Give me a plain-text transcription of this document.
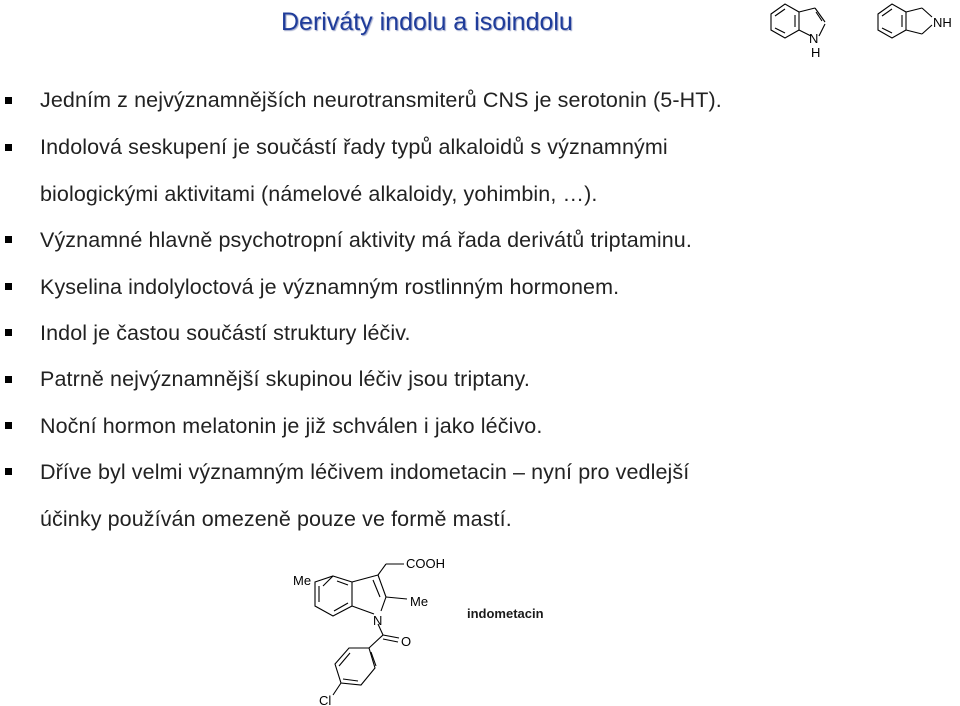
Deriváty indolu a isoindolu
N
H
NH
Jedním z nejvýznamnějších neurotransmiterů CNS je serotonin (5-HT).
Indolová seskupení je součástí řady typů alkaloidů s významnými
biologickými aktivitami (námelové alkaloidy, yohimbin, …).
Významné hlavně psychotropní aktivity má řada derivátů triptaminu.
Kyselina indolyloctová je významným rostlinným hormonem.
Indol je častou součástí struktury léčiv.
Patrně nejvýznamnější skupinou léčiv jsou triptany.
Noční hormon melatonin je již schválen i jako léčivo.
Dříve byl velmi významným léčivem indometacin – nyní pro vedlejší
účinky používán omezeně pouze ve formě mastí.
Me
COOH
Me
N
O
Cl
indometacin
